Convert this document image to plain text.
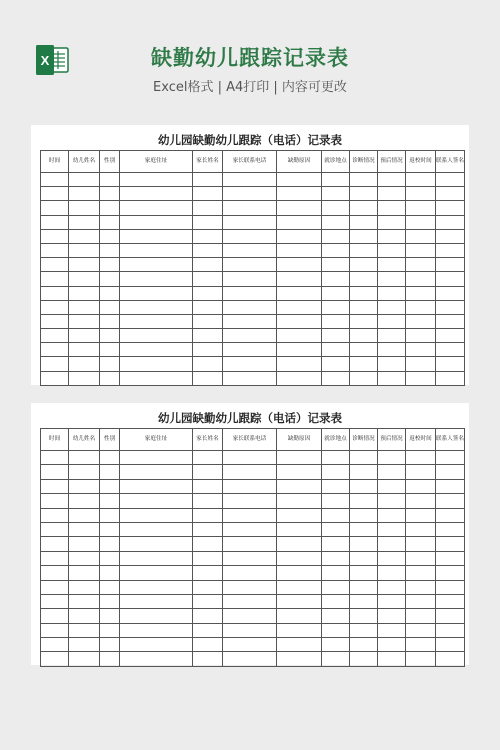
X	缺勤幼儿跟踪记录表
Excel格式 | A4打印 | 内容可更改
幼儿园缺勤幼儿跟踪（电话）记录表
时间	幼儿姓名	性别	家庭住址	家长姓名	家长联系电话	缺勤原因	就诊地点	诊断情况	预后情况	返校时间	联系人签名

幼儿园缺勤幼儿跟踪（电话）记录表
时间	幼儿姓名	性别	家庭住址	家长姓名	家长联系电话	缺勤原因	就诊地点	诊断情况	预后情况	返校时间	联系人签名
